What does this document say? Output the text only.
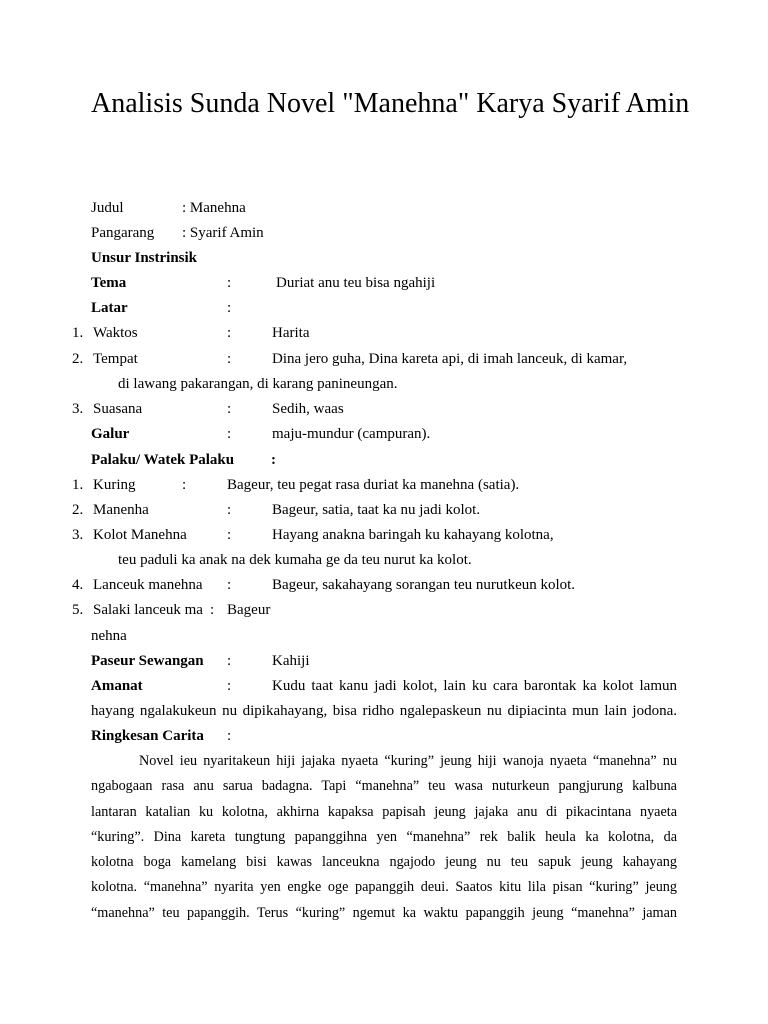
Analisis Sunda Novel "Manehna" Karya Syarif Amin
Judul	: Manehna
Pangarang : Syarif Amin
Unsur Instrinsik
Tema	:	Duriat anu teu bisa ngahiji
Latar	:
1. Waktos	:	Harita
2. Tempat	:	Dina jero guha, Dina kareta api, di imah lanceuk, di kamar,
di lawang pakarangan, di karang panineungan.
3. Suasana	:	Sedih, waas
Galur	:	maju-mundur (campuran).
Palaku/ Watek Palaku :
1. Kuring	:	Bageur, teu pegat rasa duriat ka manehna (satia).
2. Manenha	:	Bageur, satia, taat ka nu jadi kolot.
3. Kolot Manehna	:	Hayang anakna baringah ku kahayang kolotna,
teu paduli ka anak na dek kumaha ge da teu nurut ka kolot.
4. Lanceuk manehna :	Bageur, sakahayang sorangan teu nurutkeun kolot.
5. Salaki lanceuk ma : Bageur
nehna
Paseur Sewangan :	Kahiji
Amanat	:	Kudu taat kanu jadi kolot, lain ku cara barontak ka kolot lamun
hayang ngalakukeun nu dipikahayang, bisa ridho ngalepaskeun nu dipiacinta mun lain jodona.
Ringkesan Carita :
Novel ieu nyaritakeun hiji jajaka nyaeta “kuring” jeung hiji wanoja nyaeta “manehna” nu
ngabogaan rasa anu sarua badagna. Tapi “manehna” teu wasa nuturkeun pangjurung kalbuna
lantaran katalian ku kolotna, akhirna kapaksa papisah jeung jajaka anu di pikacintana nyaeta
“kuring”. Dina kareta tungtung papanggihna yen “manehna” rek balik heula ka kolotna, da
kolotna boga kamelang bisi kawas lanceukna ngajodo jeung nu teu sapuk jeung kahayang
kolotna. “manehna” nyarita yen engke oge papanggih deui. Saatos kitu lila pisan “kuring” jeung
“manehna” teu papanggih. Terus “kuring” ngemut ka waktu papanggih jeung “manehna” jaman
